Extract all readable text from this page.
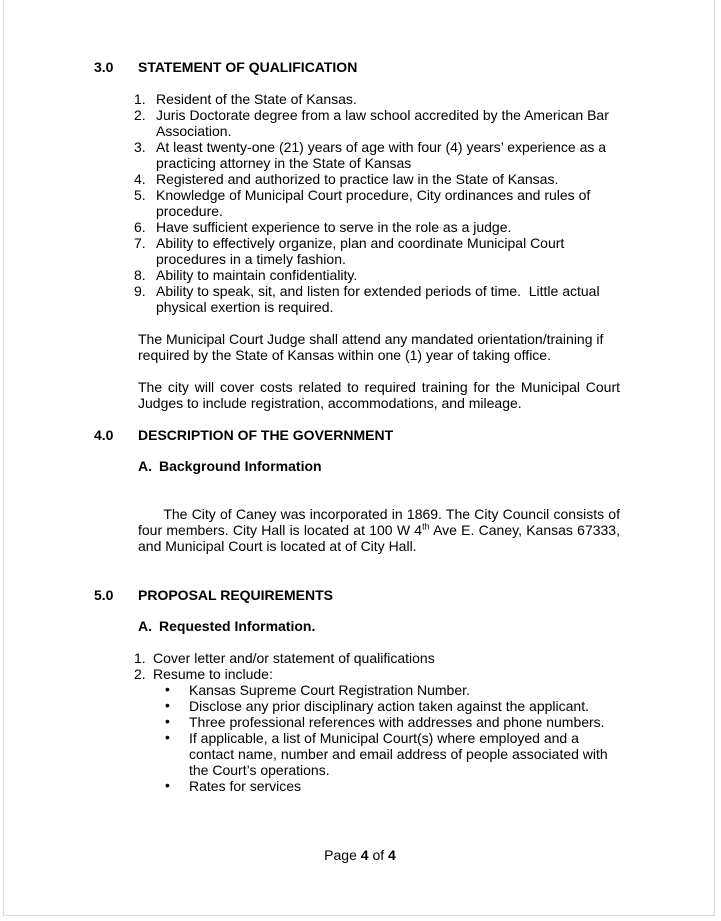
3.0 STATEMENT OF QUALIFICATION
1. Resident of the State of Kansas.
2. Juris Doctorate degree from a law school accredited by the American Bar Association.
3. At least twenty-one (21) years of age with four (4) years’ experience as a practicing attorney in the State of Kansas
4. Registered and authorized to practice law in the State of Kansas.
5. Knowledge of Municipal Court procedure, City ordinances and rules of procedure.
6. Have sufficient experience to serve in the role as a judge.
7. Ability to effectively organize, plan and coordinate Municipal Court procedures in a timely fashion.
8. Ability to maintain confidentiality.
9. Ability to speak, sit, and listen for extended periods of time.  Little actual physical exertion is required.
The Municipal Court Judge shall attend any mandated orientation/training if required by the State of Kansas within one (1) year of taking office.
The city will cover costs related to required training for the Municipal Court Judges to include registration, accommodations, and mileage.
4.0 DESCRIPTION OF THE GOVERNMENT
A. Background Information

The City of Caney was incorporated in 1869. The City Council consists of four members. City Hall is located at 100 W 4th Ave E. Caney, Kansas 67333, and Municipal Court is located at of City Hall.

5.0 PROPOSAL REQUIREMENTS
A. Requested Information.
1. Cover letter and/or statement of qualifications
2. Resume to include:
• Kansas Supreme Court Registration Number.
• Disclose any prior disciplinary action taken against the applicant.
• Three professional references with addresses and phone numbers.
• If applicable, a list of Municipal Court(s) where employed and a contact name, number and email address of people associated with the Court’s operations.
• Rates for services
Page 4 of 4
